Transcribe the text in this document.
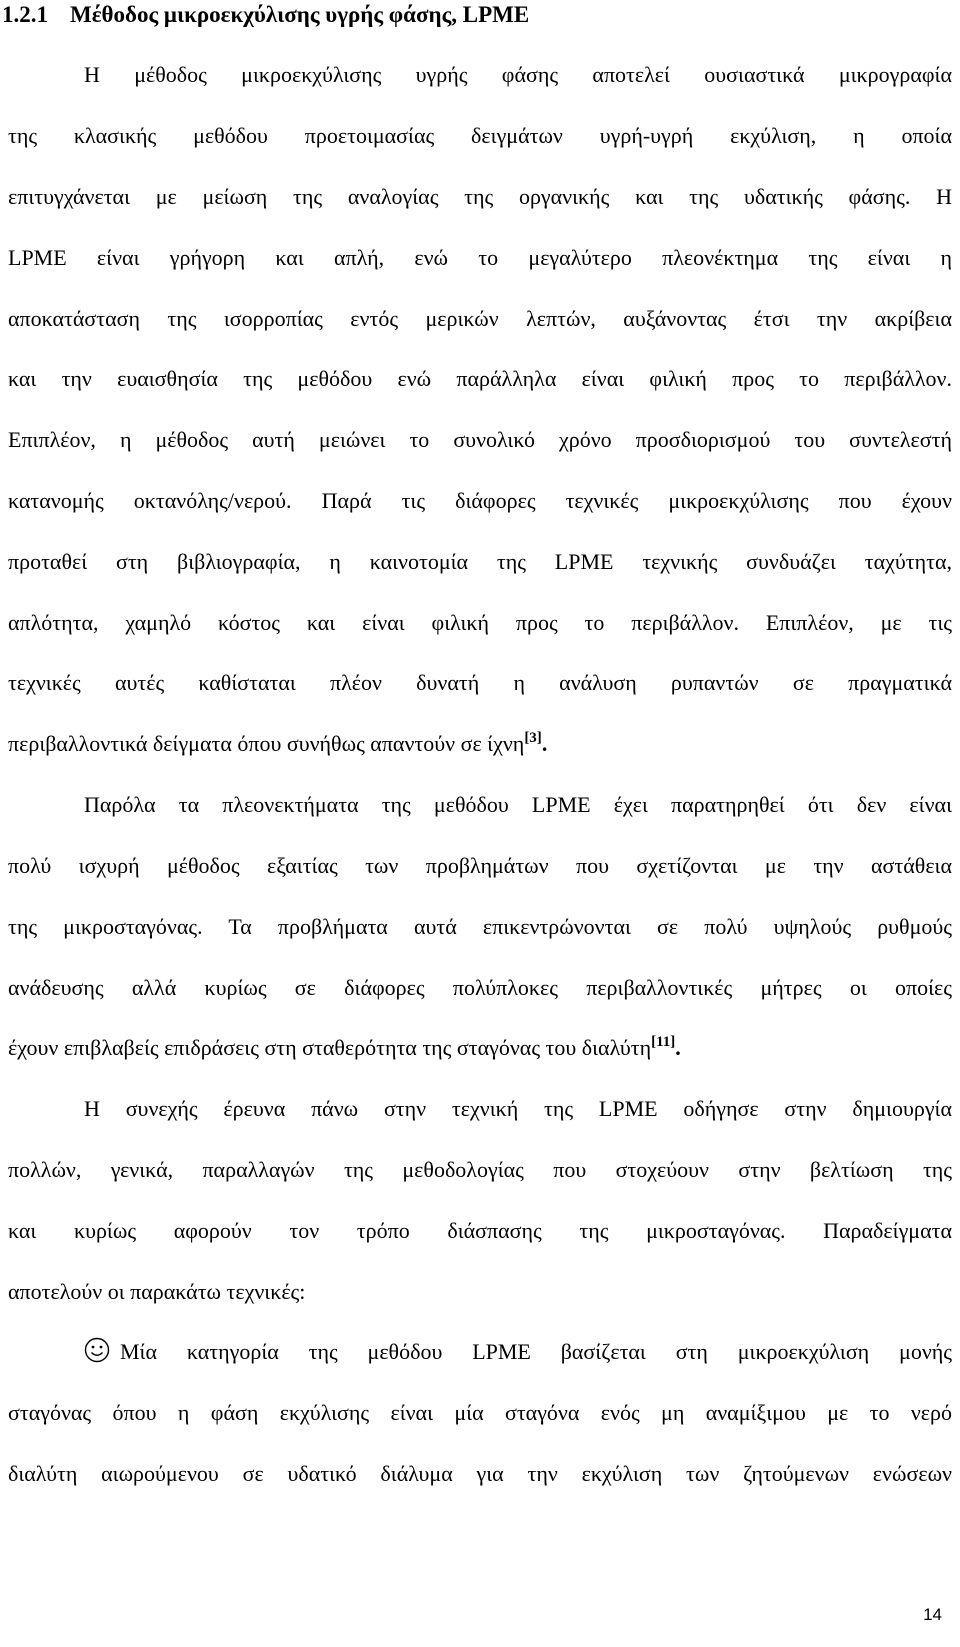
1.2.1 Μέθοδος μικροεκχύλισης υγρής φάσης, LPME
Η μέθοδος μικροεκχύλισης υγρής φάσης αποτελεί ουσιαστικά μικρογραφία
της κλασικής μεθόδου προετοιμασίας δειγμάτων υγρή-υγρή εκχύλιση, η οποία
επιτυγχάνεται με μείωση της αναλογίας της οργανικής και της υδατικής φάσης. Η
LPME είναι γρήγορη και απλή, ενώ το μεγαλύτερο πλεονέκτημα της είναι η
αποκατάσταση της ισορροπίας εντός μερικών λεπτών, αυξάνοντας έτσι την ακρίβεια
και την ευαισθησία της μεθόδου ενώ παράλληλα είναι φιλική προς το περιβάλλον.
Επιπλέον, η μέθοδος αυτή μειώνει το συνολικό χρόνο προσδιορισμού του συντελεστή
κατανομής οκτανόλης/νερού. Παρά τις διάφορες τεχνικές μικροεκχύλισης που έχουν
προταθεί στη βιβλιογραφία, η καινοτομία της LPME τεχνικής συνδυάζει ταχύτητα,
απλότητα, χαμηλό κόστος και είναι φιλική προς το περιβάλλον. Επιπλέον, με τις
τεχνικές αυτές καθίσταται πλέον δυνατή η ανάλυση ρυπαντών σε πραγματικά
περιβαλλοντικά δείγματα όπου συνήθως απαντούν σε ίχνη[3].
Παρόλα τα πλεονεκτήματα της μεθόδου LPME έχει παρατηρηθεί ότι δεν είναι
πολύ ισχυρή μέθοδος εξαιτίας των προβλημάτων που σχετίζονται με την αστάθεια
της μικροσταγόνας. Τα προβλήματα αυτά επικεντρώνονται σε πολύ υψηλούς ρυθμούς
ανάδευσης αλλά κυρίως σε διάφορες πολύπλοκες περιβαλλοντικές μήτρες οι οποίες
έχουν επιβλαβείς επιδράσεις στη σταθερότητα της σταγόνας του διαλύτη[11].
Η συνεχής έρευνα πάνω στην τεχνική της LPME οδήγησε στην δημιουργία
πολλών, γενικά, παραλλαγών της μεθοδολογίας που στοχεύουν στην βελτίωση της
και κυρίως αφορούν τον τρόπο διάσπασης της μικροσταγόνας. Παραδείγματα
αποτελούν οι παρακάτω τεχνικές:
Μία κατηγορία της μεθόδου LPME βασίζεται στη μικροεκχύλιση μονής
σταγόνας όπου η φάση εκχύλισης είναι μία σταγόνα ενός μη αναμίξιμου με το νερό
διαλύτη αιωρούμενου σε υδατικό διάλυμα για την εκχύλιση των ζητούμενων ενώσεων
14
